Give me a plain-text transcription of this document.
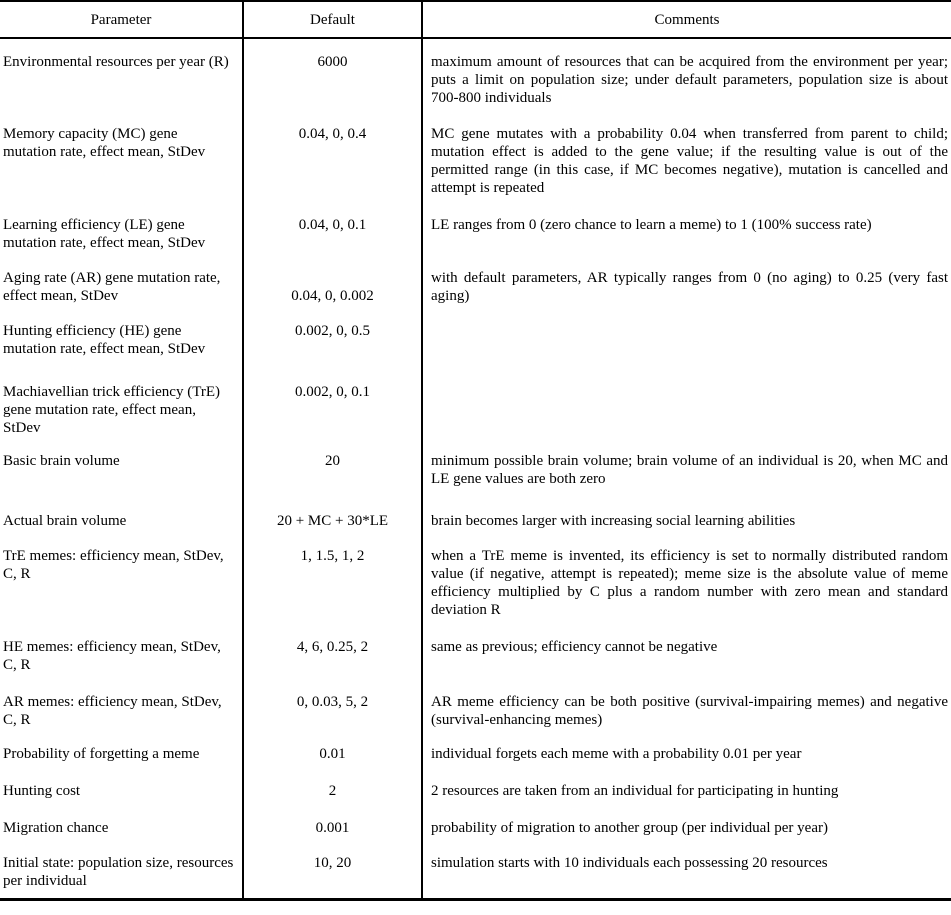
Parameter	Default	Comments
Environmental resources per year (R)	6000	maximum amount of resources that can be acquired from the environment per year; puts a limit on population size; under default parameters, population size is about 700-800 individuals
Memory capacity (MC) gene mutation rate, effect mean, StDev	0.04, 0, 0.4	MC gene mutates with a probability 0.04 when transferred from parent to child; mutation effect is added to the gene value; if the resulting value is out of the permitted range (in this case, if MC becomes negative), mutation is cancelled and attempt is repeated
Learning efficiency (LE) gene mutation rate, effect mean, StDev	0.04, 0, 0.1	LE ranges from 0 (zero chance to learn a meme) to 1 (100% success rate)
Aging rate (AR) gene mutation rate, effect mean, StDev	0.04, 0, 0.002	with default parameters, AR typically ranges from 0 (no aging) to 0.25 (very fast aging)
Hunting efficiency (HE) gene mutation rate, effect mean, StDev	0.002, 0, 0.5	
Machiavellian trick efficiency (TrE) gene mutation rate, effect mean, StDev	0.002, 0, 0.1	
Basic brain volume	20	minimum possible brain volume; brain volume of an individual is 20, when MC and LE gene values are both zero
Actual brain volume	20 + MC + 30*LE	brain becomes larger with increasing social learning abilities
TrE memes: efficiency mean, StDev, C, R	1, 1.5, 1, 2	when a TrE meme is invented, its efficiency is set to normally distributed random value (if negative, attempt is repeated); meme size is the absolute value of meme efficiency multiplied by C plus a random number with zero mean and standard deviation R
HE memes: efficiency mean, StDev, C, R	4, 6, 0.25, 2	same as previous; efficiency cannot be negative
AR memes: efficiency mean, StDev, C, R	0, 0.03, 5, 2	AR meme efficiency can be both positive (survival-impairing memes) and negative (survival-enhancing memes)
Probability of forgetting a meme	0.01	individual forgets each meme with a probability 0.01 per year
Hunting cost	2	2 resources are taken from an individual for participating in hunting
Migration chance	0.001	probability of migration to another group (per individual per year)
Initial state: population size, resources per individual	10, 20	simulation starts with 10 individuals each possessing 20 resources
